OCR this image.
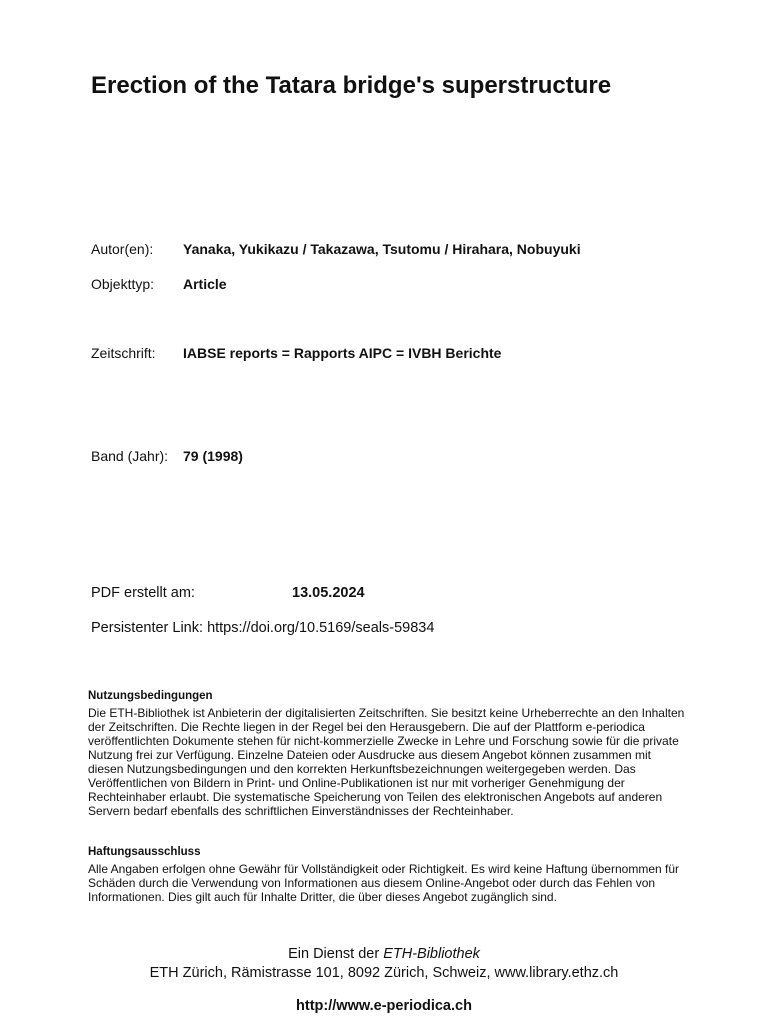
Erection of the Tatara bridge's superstructure
Autor(en): Yanaka, Yukikazu / Takazawa, Tsutomu / Hirahara, Nobuyuki
Objekttyp: Article
Zeitschrift: IABSE reports = Rapports AIPC = IVBH Berichte
Band (Jahr): 79 (1998)
PDF erstellt am:	13.05.2024
Persistenter Link: https://doi.org/10.5169/seals-59834
Nutzungsbedingungen

Die ETH-Bibliothek ist Anbieterin der digitalisierten Zeitschriften. Sie besitzt keine Urheberrechte an den Inhalten der Zeitschriften. Die Rechte liegen in der Regel bei den Herausgebern. Die auf der Plattform e-periodica veröffentlichten Dokumente stehen für nicht-kommerzielle Zwecke in Lehre und Forschung sowie für die private Nutzung frei zur Verfügung. Einzelne Dateien oder Ausdrucke aus diesem Angebot können zusammen mit diesen Nutzungsbedingungen und den korrekten Herkunftsbezeichnungen weitergegeben werden. Das Veröffentlichen von Bildern in Print- und Online-Publikationen ist nur mit vorheriger Genehmigung der Rechteinhaber erlaubt. Die systematische Speicherung von Teilen des elektronischen Angebots auf anderen Servern bedarf ebenfalls des schriftlichen Einverständnisses der Rechteinhaber.

Haftungsausschluss

Alle Angaben erfolgen ohne Gewähr für Vollständigkeit oder Richtigkeit. Es wird keine Haftung übernommen für Schäden durch die Verwendung von Informationen aus diesem Online-Angebot oder durch das Fehlen von Informationen. Dies gilt auch für Inhalte Dritter, die über dieses Angebot zugänglich sind.

Ein Dienst der ETH-Bibliothek
ETH Zürich, Rämistrasse 101, 8092 Zürich, Schweiz, www.library.ethz.ch
http://www.e-periodica.ch
